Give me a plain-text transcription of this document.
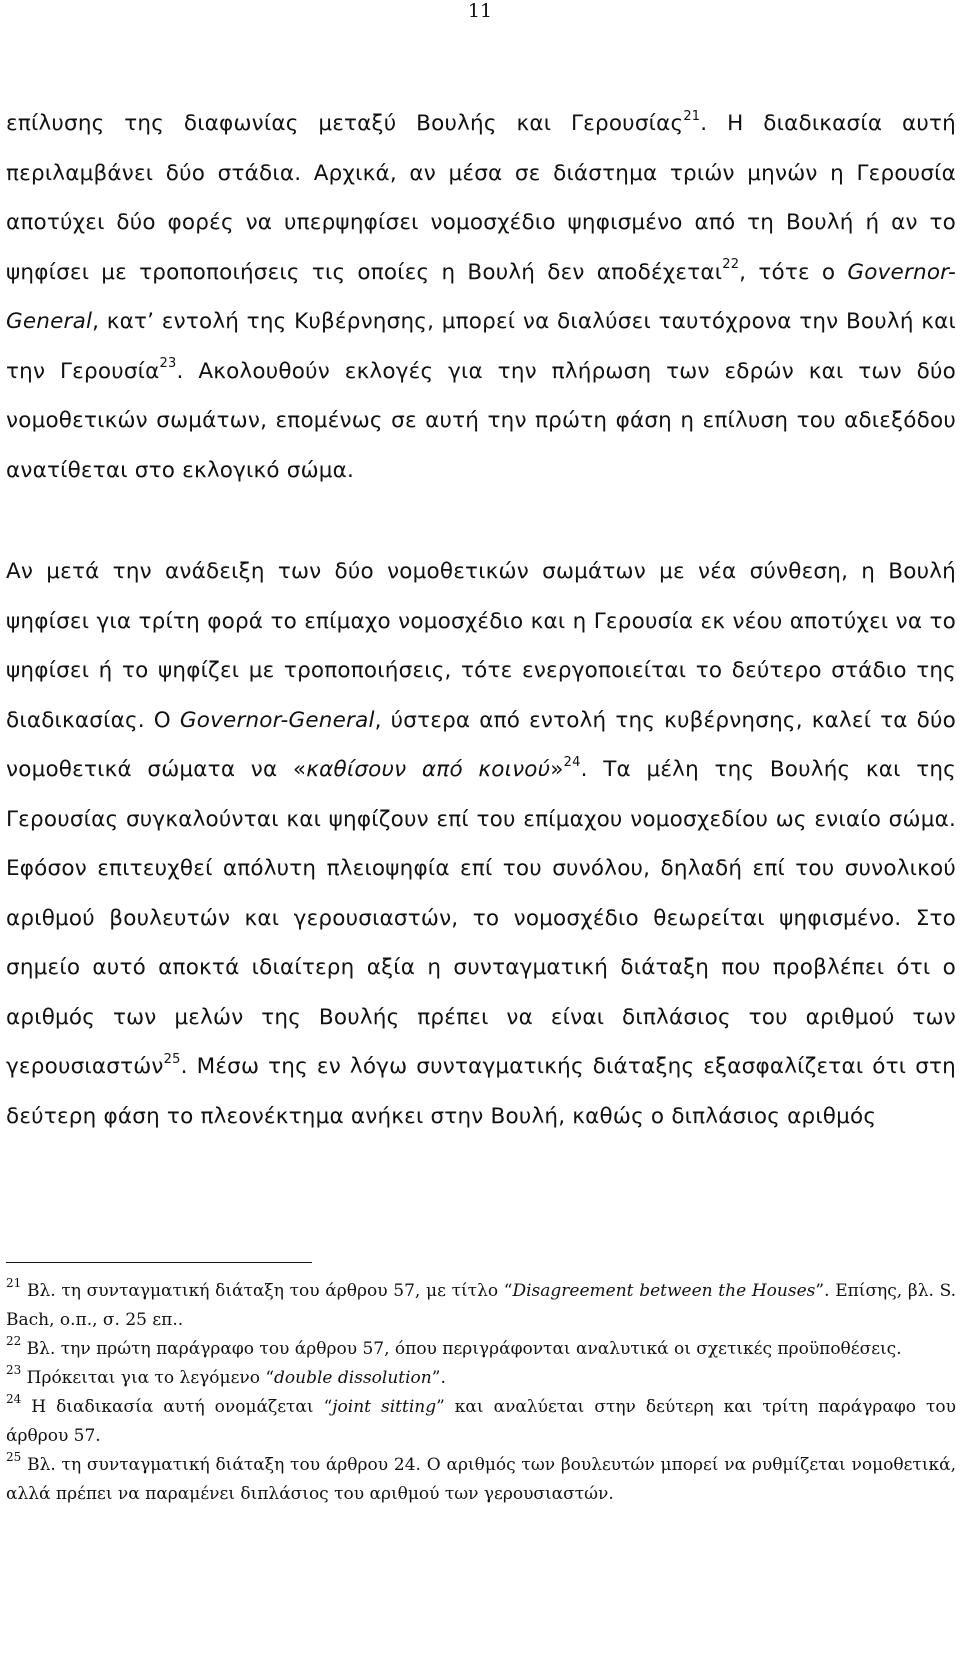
11

επίλυσης της διαφωνίας μεταξύ Βουλής και Γερουσίας$^{21}$. Η διαδικασία αυτή περιλαμβάνει δύο στάδια. Αρχικά, αν μέσα σε διάστημα τριών μηνών η Γερουσία αποτύχει δύο φορές να υπερψηφίσει νομοσχέδιο ψηφισμένο από τη Βουλή ή αν το ψηφίσει με τροποποιήσεις τις οποίες η Βουλή δεν αποδέχεται$^{22}$, τότε ο Governor-General, κατ’ εντολή της Κυβέρνησης, μπορεί να διαλύσει ταυτόχρονα την Βουλή και την Γερουσία$^{23}$. Ακολουθούν εκλογές για την πλήρωση των εδρών και των δύο νομοθετικών σωμάτων, επομένως σε αυτή την πρώτη φάση η επίλυση του αδιεξόδου ανατίθεται στο εκλογικό σώμα.

Αν μετά την ανάδειξη των δύο νομοθετικών σωμάτων με νέα σύνθεση, η Βουλή ψηφίσει για τρίτη φορά το επίμαχο νομοσχέδιο και η Γερουσία εκ νέου αποτύχει να το ψηφίσει ή το ψηφίζει με τροποποιήσεις, τότε ενεργοποιείται το δεύτερο στάδιο της διαδικασίας. Ο Governor-General, ύστερα από εντολή της κυβέρνησης, καλεί τα δύο νομοθετικά σώματα να «καθίσουν από κοινού»$^{24}$. Τα μέλη της Βουλής και της Γερουσίας συγκαλούνται και ψηφίζουν επί του επίμαχου νομοσχεδίου ως ενιαίο σώμα. Εφόσον επιτευχθεί απόλυτη πλειοψηφία επί του συνόλου, δηλαδή επί του συνολικού αριθμού βουλευτών και γερουσιαστών, το νομοσχέδιο θεωρείται ψηφισμένο. Στο σημείο αυτό αποκτά ιδιαίτερη αξία η συνταγματική διάταξη που προβλέπει ότι ο αριθμός των μελών της Βουλής πρέπει να είναι διπλάσιος του αριθμού των γερουσιαστών$^{25}$. Μέσω της εν λόγω συνταγματικής διάταξης εξασφαλίζεται ότι στη δεύτερη φάση το πλεονέκτημα ανήκει στην Βουλή, καθώς ο διπλάσιος αριθμός

$^{21}$ Βλ. τη συνταγματική διάταξη του άρθρου 57, με τίτλο “Disagreement between the Houses”. Επίσης, βλ. S. Bach, ο.π., σ. 25 επ..

$^{22}$ Βλ. την πρώτη παράγραφο του άρθρου 57, όπου περιγράφονται αναλυτικά οι σχετικές προϋποθέσεις.

$^{23}$ Πρόκειται για το λεγόμενο “double dissolution”.

$^{24}$ Η διαδικασία αυτή ονομάζεται “joint sitting” και αναλύεται στην δεύτερη και τρίτη παράγραφο του άρθρου 57.

$^{25}$ Βλ. τη συνταγματική διάταξη του άρθρου 24. Ο αριθμός των βουλευτών μπορεί να ρυθμίζεται νομοθετικά, αλλά πρέπει να παραμένει διπλάσιος του αριθμού των γερουσιαστών.
